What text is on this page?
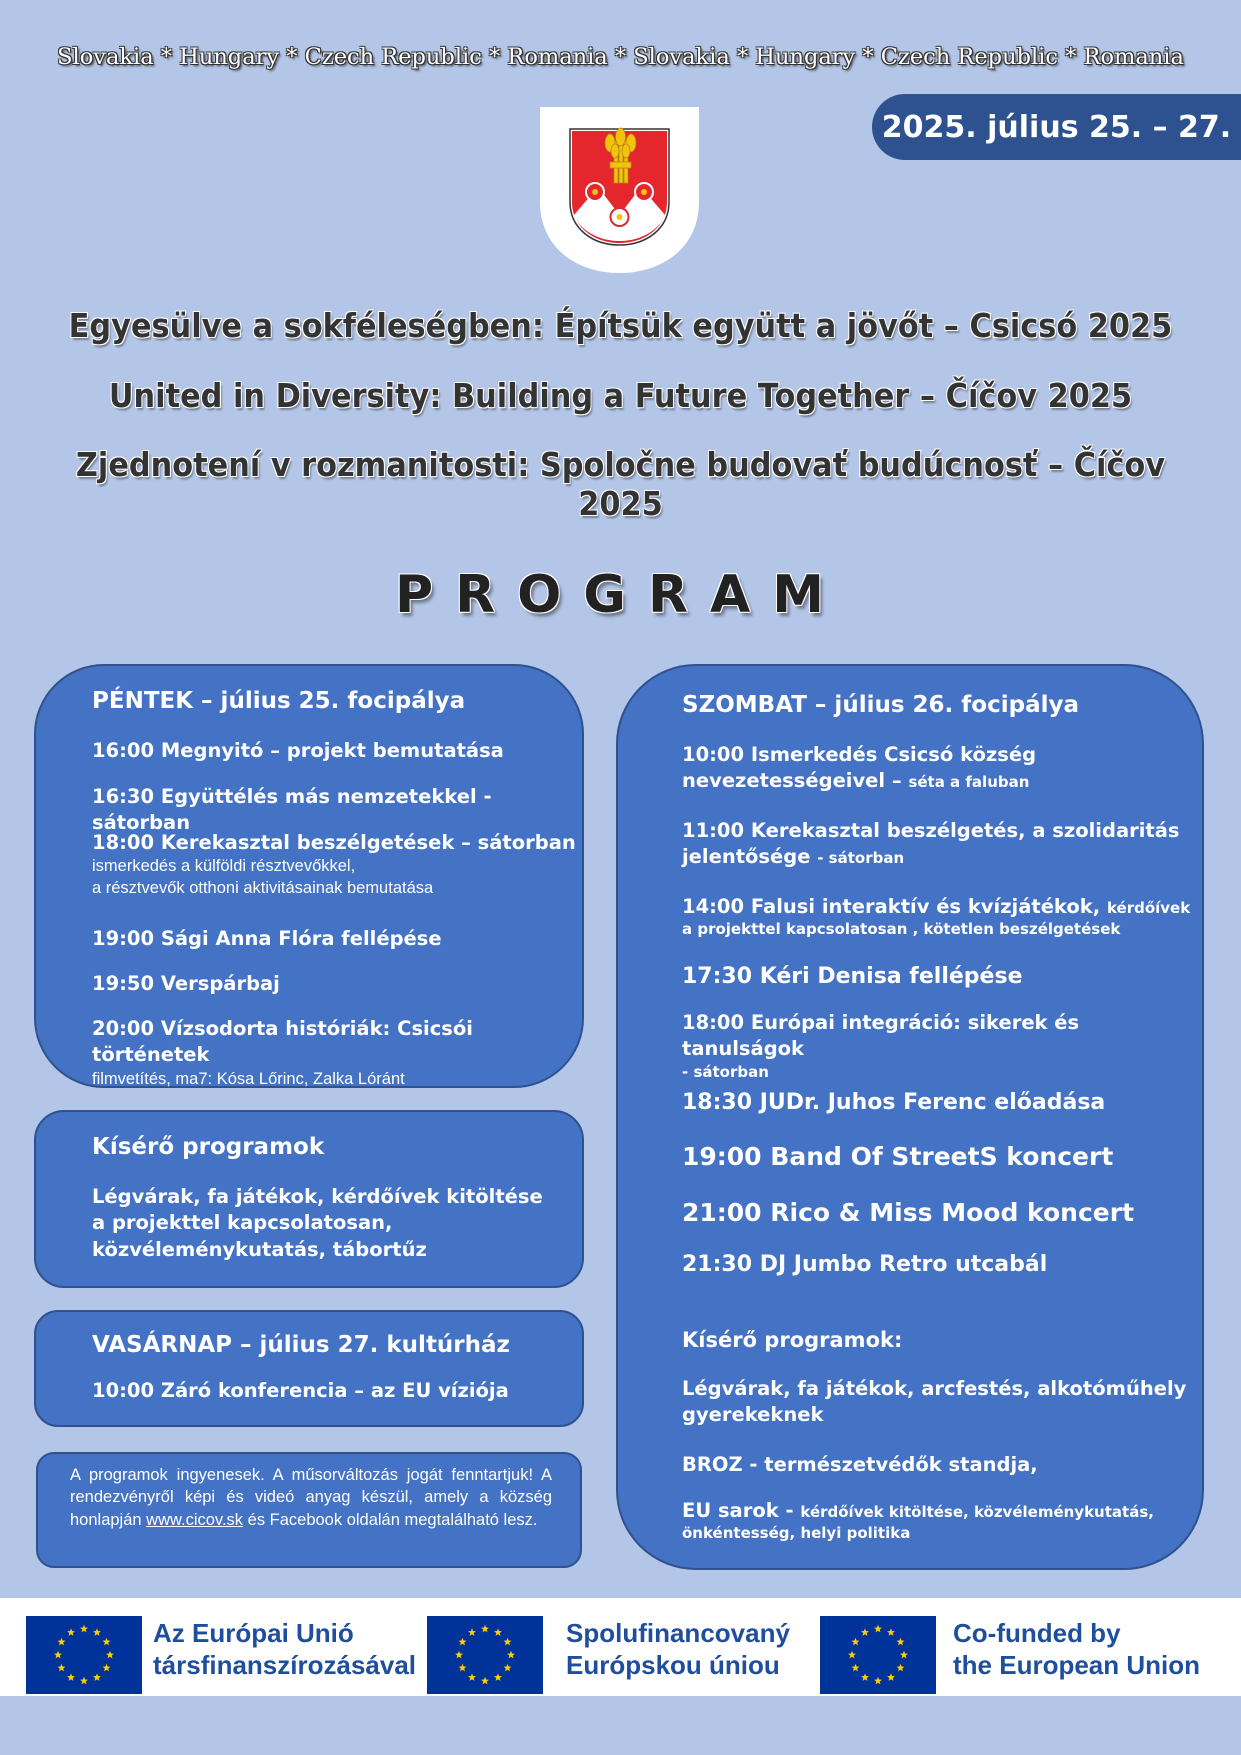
Slovakia * Hungary * Czech Republic * Romania * Slovakia * Hungary * Czech Republic * Romania
2025. július 25. – 27.
Egyesülve a sokféleségben: Építsük együtt a jövőt – Csicsó 2025
United in Diversity: Building a Future Together – Číčov 2025
Zjednotení v rozmanitosti: Spoločne budovať budúcnosť – Číčov 2025
PROGRAM
PÉNTEK – július 25. focipálya
16:00 Megnyitó – projekt bemutatása
16:30 Együttélés más nemzetekkel - sátorban
18:00 Kerekasztal beszélgetések – sátorban
ismerkedés a külföldi résztvevőkkel,
a résztvevők otthoni aktivitásainak bemutatása
19:00 Sági Anna Flóra fellépése
19:50 Verspárbaj
20:00 Vízsodorta históriák: Csicsói történetek
filmvetítés, ma7: Kósa Lőrinc, Zalka Lóránt
Kísérő programok
Légvárak, fa játékok, kérdőívek kitöltése
a projekttel kapcsolatosan,
közvéleménykutatás, tábortűz
VASÁRNAP – július 27. kultúrház
10:00 Záró konferencia – az EU víziója
A programok ingyenesek. A műsorváltozás jogát fenntartjuk! A rendezvényről képi és videó anyag készül, amely a község honlapján www.cicov.sk és Facebook oldalán megtalálható lesz.
SZOMBAT – július 26. focipálya
10:00 Ismerkedés Csicsó község
nevezetességeivel – séta a faluban
11:00 Kerekasztal beszélgetés, a szolidaritás
jelentősége - sátorban
14:00 Falusi interaktív és kvízjátékok, kérdőívek
a projekttel kapcsolatosan , kötetlen beszélgetések
17:30 Kéri Denisa fellépése
18:00 Európai integráció: sikerek és tanulságok
- sátorban
18:30 JUDr. Juhos Ferenc előadása
19:00 Band Of StreetS koncert
21:00 Rico & Miss Mood koncert
21:30 DJ Jumbo Retro utcabál
Kísérő programok:
Légvárak, fa játékok, arcfestés, alkotóműhely
gyerekeknek
BROZ - természetvédők standja,
EU sarok - kérdőívek kitöltése, közvéleménykutatás,
önkéntesség, helyi politika
Az Európai Unió
társfinanszírozásával
Spolufinancovaný
Európskou úniou
Co-funded by
the European Union
